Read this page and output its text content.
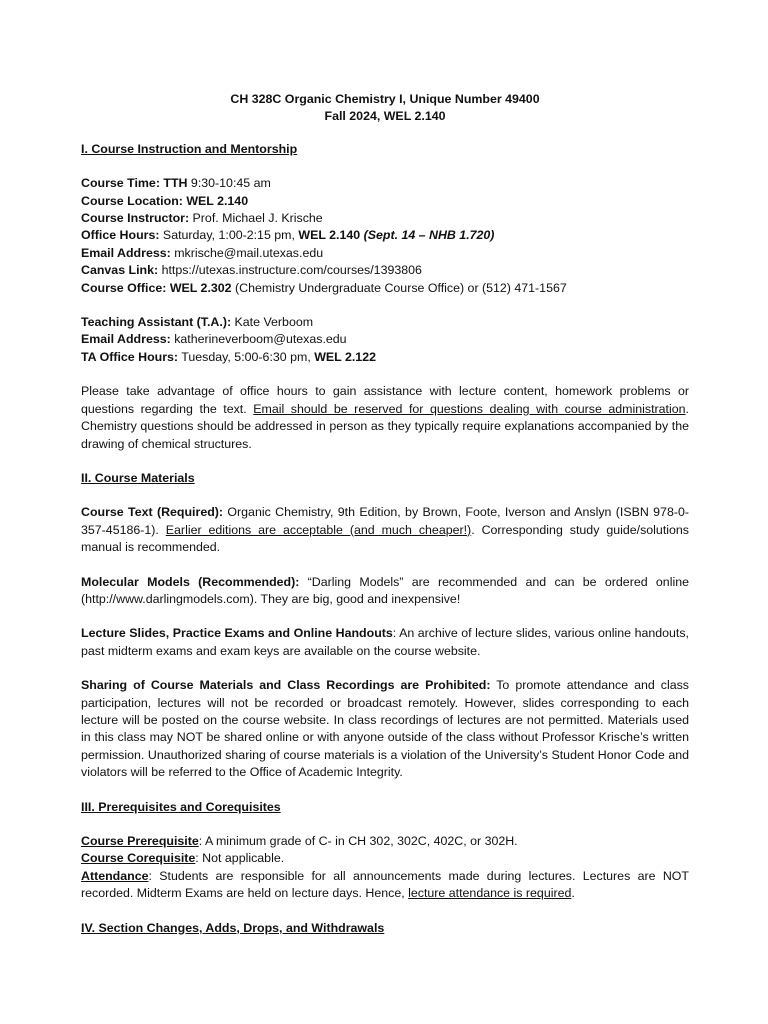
CH 328C Organic Chemistry I, Unique Number 49400
Fall 2024, WEL 2.140
I. Course Instruction and Mentorship
Course Time: TTH 9:30-10:45 am
Course Location: WEL 2.140
Course Instructor: Prof. Michael J. Krische
Office Hours: Saturday, 1:00-2:15 pm, WEL 2.140 (Sept. 14 – NHB 1.720)
Email Address: mkrische@mail.utexas.edu
Canvas Link: https://utexas.instructure.com/courses/1393806
Course Office: WEL 2.302 (Chemistry Undergraduate Course Office) or (512) 471-1567
Teaching Assistant (T.A.): Kate Verboom
Email Address: katherineverboom@utexas.edu
TA Office Hours: Tuesday, 5:00-6:30 pm, WEL 2.122

Please take advantage of office hours to gain assistance with lecture content, homework problems or questions regarding the text. Email should be reserved for questions dealing with course administration. Chemistry questions should be addressed in person as they typically require explanations accompanied by the drawing of chemical structures.

II. Course Materials

Course Text (Required): Organic Chemistry, 9th Edition, by Brown, Foote, Iverson and Anslyn (ISBN 978-0-357-45186-1). Earlier editions are acceptable (and much cheaper!). Corresponding study guide/solutions manual is recommended.

Molecular Models (Recommended): “Darling Models” are recommended and can be ordered online (http://www.darlingmodels.com). They are big, good and inexpensive!

Lecture Slides, Practice Exams and Online Handouts: An archive of lecture slides, various online handouts, past midterm exams and exam keys are available on the course website.

Sharing of Course Materials and Class Recordings are Prohibited: To promote attendance and class participation, lectures will not be recorded or broadcast remotely. However, slides corresponding to each lecture will be posted on the course website. In class recordings of lectures are not permitted. Materials used in this class may NOT be shared online or with anyone outside of the class without Professor Krische’s written permission. Unauthorized sharing of course materials is a violation of the University’s Student Honor Code and violators will be referred to the Office of Academic Integrity.

III. Prerequisites and Corequisites
Course Prerequisite: A minimum grade of C- in CH 302, 302C, 402C, or 302H.
Course Corequisite: Not applicable.
Attendance: Students are responsible for all announcements made during lectures. Lectures are NOT recorded. Midterm Exams are held on lecture days. Hence, lecture attendance is required.
IV. Section Changes, Adds, Drops, and Withdrawals
